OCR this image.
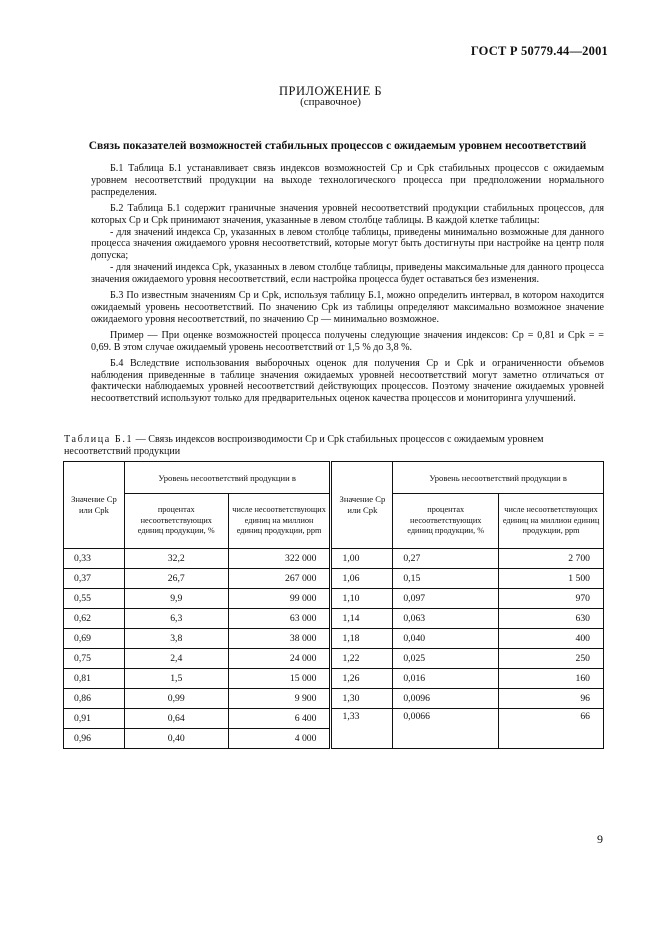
ГОСТ Р 50779.44—2001
ПРИЛОЖЕНИЕ Б
(справочное)
Связь показателей возможностей стабильных процессов с ожидаемым уровнем несоответствий

Б.1 Таблица Б.1 устанавливает связь индексов возможностей Cp и Cpk стабильных процессов с ожидаемым уровнем несоответствий продукции на выходе технологического процесса при предположении нормального распределения.

Б.2 Таблица Б.1 содержит граничные значения уровней несоответствий продукции стабильных процессов, для которых Cp и Cpk принимают значения, указанные в левом столбце таблицы. В каждой клетке таблицы:

- для значений индекса Cp, указанных в левом столбце таблицы, приведены минимально возможные для данного процесса значения ожидаемого уровня несоответствий, которые могут быть достигнуты при настройке на центр поля допуска;

- для значений индекса Cpk, указанных в левом столбце таблицы, приведены максимальные для данного процесса значения ожидаемого уровня несоответствий, если настройка процесса будет оставаться без изменения.

Б.3 По известным значениям Cp и Cpk, используя таблицу Б.1, можно определить интервал, в котором находится ожидаемый уровень несоответствий. По значению Cpk из таблицы определяют максимально возможное значение ожидаемого уровня несоответствий, по значению Cp — минимально возможное.

Пример — При оценке возможностей процесса получены следующие значения индексов: Cp = 0,81 и Cpk = = 0,69. В этом случае ожидаемый уровень несоответствий от 1,5 % до 3,8 %.

Б.4 Вследствие использования выборочных оценок для получения Cp и Cpk и ограниченности объемов наблюдения приведенные в таблице значения ожидаемых уровней несоответствий могут заметно отличаться от фактически наблюдаемых уровней несоответствий действующих процессов. Поэтому значение ожидаемых уровней несоответствий используют только для предварительных оценок качества процессов и мониторинга улучшений.

Таблица Б.1 — Связь индексов воспроизводимости Cp и Cpk стабильных процессов с ожидаемым уровнем несоответствий продукции
Значение Cp или Cpk	Уровень несоответствий продукции в		Значение Cp или Cpk	Уровень несоответствий продукции в	
	процентах несоответствующих единиц продукции, %	числе несоответствующих единиц на миллион единиц продукции, ppm		процентах несоответствующих единиц продукции, %	числе несоответствующих единиц на миллион единиц продукции, ppm
0,33	32,2	322 000	1,00	0,27	2 700
0,37	26,7	267 000	1,06	0,15	1 500
0,55	9,9	99 000	1,10	0,097	970
0,62	6,3	63 000	1,14	0,063	630
0,69	3,8	38 000	1,18	0,040	400
0,75	2,4	24 000	1,22	0,025	250
0,81	1,5	15 000	1,26	0,016	160
0,86	0,99	9 900	1,30	0,0096	96
0,91	0,64	6 400	1,33	0,0066	66
0,96	0,40	4 000			
9
